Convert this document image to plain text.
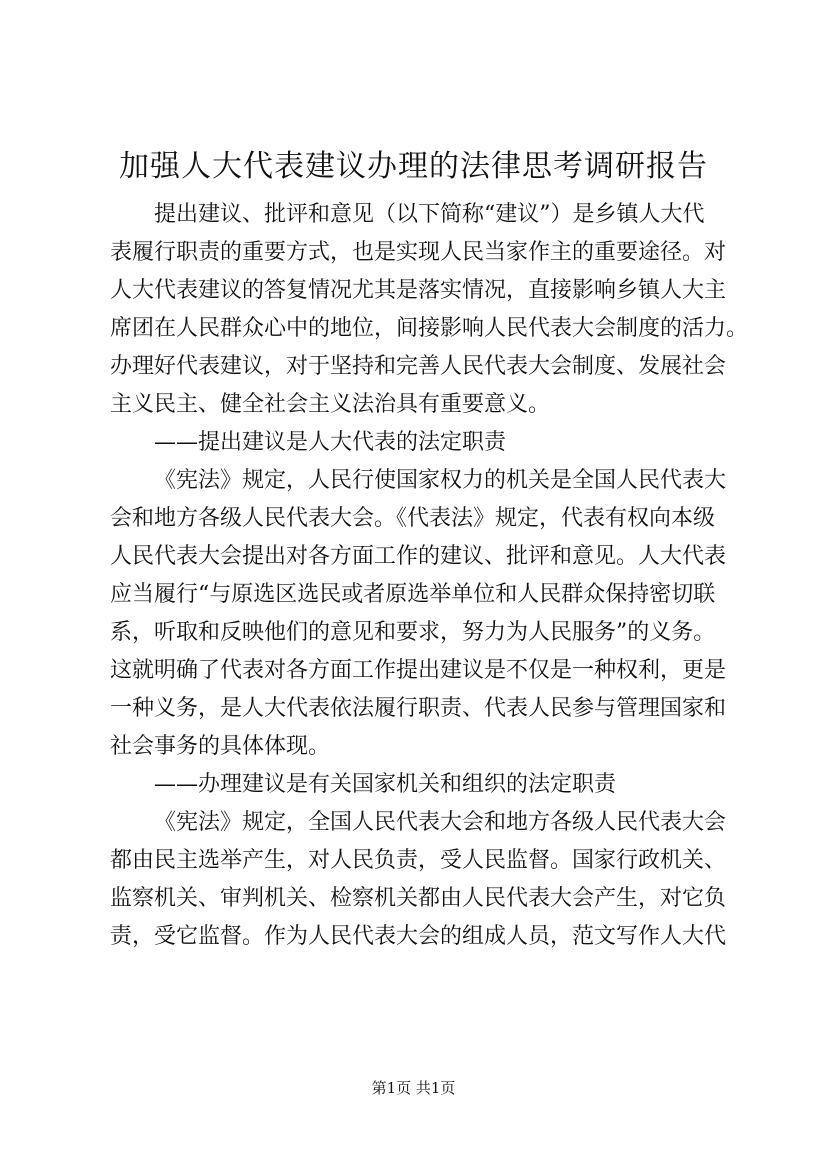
加强人大代表建议办理的法律思考调研报告
提出建议、批评和意见（以下简称“建议”）是乡镇人大代
表履行职责的重要方式，也是实现人民当家作主的重要途径。对
人大代表建议的答复情况尤其是落实情况，直接影响乡镇人大主
席团在人民群众心中的地位，间接影响人民代表大会制度的活力。
办理好代表建议，对于坚持和完善人民代表大会制度、发展社会
主义民主、健全社会主义法治具有重要意义。
——提出建议是人大代表的法定职责
《宪法》规定，人民行使国家权力的机关是全国人民代表大
会和地方各级人民代表大会。《代表法》规定，代表有权向本级
人民代表大会提出对各方面工作的建议、批评和意见。人大代表
应当履行“与原选区选民或者原选举单位和人民群众保持密切联
系，听取和反映他们的意见和要求，努力为人民服务”的义务。
这就明确了代表对各方面工作提出建议是不仅是一种权利，更是
一种义务，是人大代表依法履行职责、代表人民参与管理国家和
社会事务的具体体现。
——办理建议是有关国家机关和组织的法定职责
《宪法》规定，全国人民代表大会和地方各级人民代表大会
都由民主选举产生，对人民负责，受人民监督。国家行政机关、
监察机关、审判机关、检察机关都由人民代表大会产生，对它负
责，受它监督。作为人民代表大会的组成人员，范文写作人大代
第1页 共1页
